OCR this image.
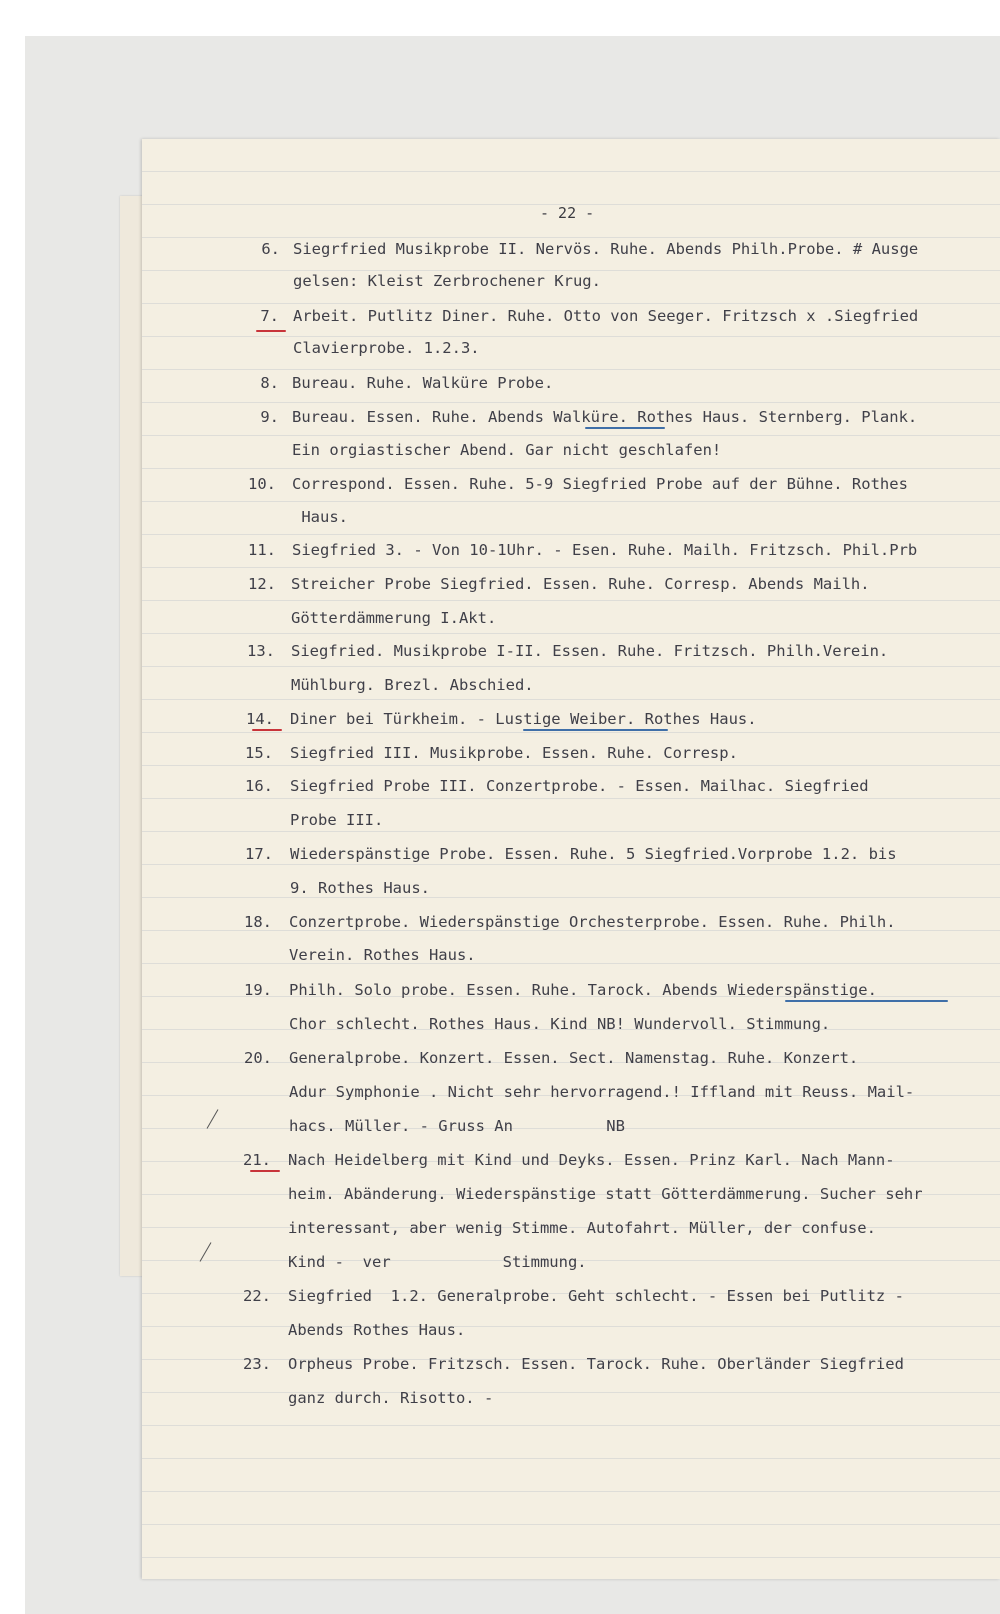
- 22 -
6. Siegrfried Musikprobe II. Nervös. Ruhe. Abends Philh.Probe. # Ausge
gelsen: Kleist Zerbrochener Krug.
7. Arbeit. Putlitz Diner. Ruhe. Otto von Seeger. Fritzsch x .Siegfried
Clavierprobe. 1.2.3.
8. Bureau. Ruhe. Walküre Probe.
9. Bureau. Essen. Ruhe. Abends Walküre. Rothes Haus. Sternberg. Plank.
Ein orgiastischer Abend. Gar nicht geschlafen!
10. Correspond. Essen. Ruhe. 5-9 Siegfried Probe auf der Bühne. Rothes
Haus.
11. Siegfried 3. - Von 10-1Uhr. - Esen. Ruhe. Mailh. Fritzsch. Phil.Prb
12. Streicher Probe Siegfried. Essen. Ruhe. Corresp. Abends Mailh.
Götterdämmerung I.Akt.
13. Siegfried. Musikprobe I-II. Essen. Ruhe. Fritzsch. Philh.Verein.
Mühlburg. Brezl. Abschied.
14. Diner bei Türkheim. - Lustige Weiber. Rothes Haus.
15. Siegfried III. Musikprobe. Essen. Ruhe. Corresp.
16. Siegfried Probe III. Conzertprobe. - Essen. Mailhac. Siegfried
Probe III.
17. Wiederspänstige Probe. Essen. Ruhe. 5 Siegfried.Vorprobe 1.2. bis
9. Rothes Haus.
18. Conzertprobe. Wiederspänstige Orchesterprobe. Essen. Ruhe. Philh.
Verein. Rothes Haus.
19. Philh. Solo probe. Essen. Ruhe. Tarock. Abends Wiederspänstige.
Chor schlecht. Rothes Haus. Kind NB! Wundervoll. Stimmung.
20. Generalprobe. Konzert. Essen. Sect. Namenstag. Ruhe. Konzert.
Adur Symphonie . Nicht sehr hervorragend.! Iffland mit Reuss. Mail-
hacs. Müller. - Gruss An          NB
21. Nach Heidelberg mit Kind und Deyks. Essen. Prinz Karl. Nach Mann-
heim. Abänderung. Wiederspänstige statt Götterdämmerung. Sucher sehr
interessant, aber wenig Stimme. Autofahrt. Müller, der confuse.
Kind -  ver            Stimmung.
22. Siegfried  1.2. Generalprobe. Geht schlecht. - Essen bei Putlitz -
Abends Rothes Haus.
23. Orpheus Probe. Fritzsch. Essen. Tarock. Ruhe. Oberländer Siegfried
ganz durch. Risotto. -
